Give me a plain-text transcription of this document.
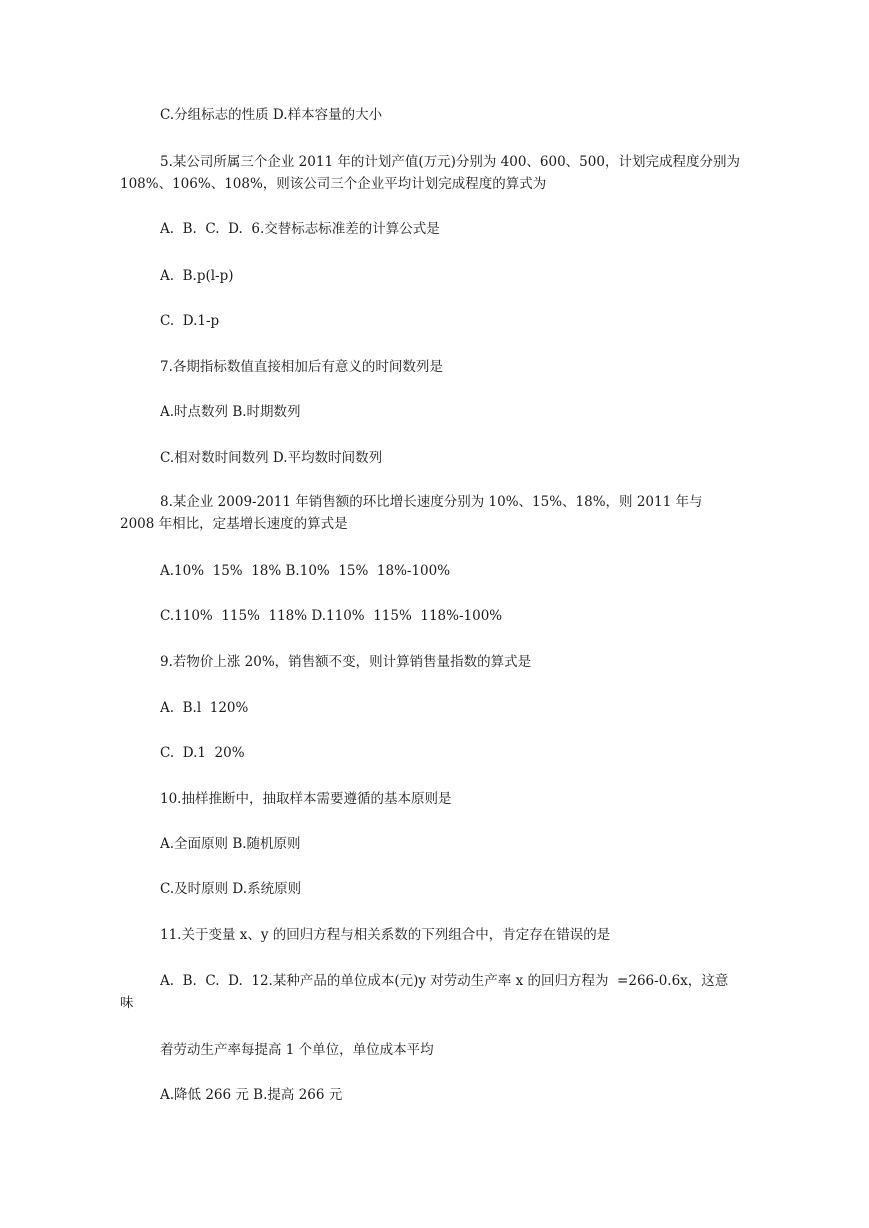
C.分组标志的性质 D.样本容量的大小

5.某公司所属三个企业 2011 年的计划产值(万元)分别为 400、600、500，计划完成程度分别为 108%、106%、108%，则该公司三个企业平均计划完成程度的算式为

A.  B.  C.  D.  6.交替标志标准差的计算公式是

A.  B.p(l-p)

C.  D.1-p

7.各期指标数值直接相加后有意义的时间数列是

A.时点数列 B.时期数列

C.相对数时间数列 D.平均数时间数列

8.某企业 2009-2011 年销售额的环比增长速度分别为 10%、15%、18%，则 2011 年与 2008 年相比，定基增长速度的算式是

A.10%  15%  18% B.10%  15%  18%-100%

C.110%  115%  118% D.110%  115%  118%-100%

9.若物价上涨 20%，销售额不变，则计算销售量指数的算式是

A.  B.l  120%

C.  D.1  20%

10.抽样推断中，抽取样本需要遵循的基本原则是

A.全面原则 B.随机原则

C.及时原则 D.系统原则

11.关于变量 x、y 的回归方程与相关系数的下列组合中，肯定存在错误的是

A.  B.  C.  D.  12.某种产品的单位成本(元)y 对劳动生产率 x 的回归方程为  =266-0.6x，这意味

着劳动生产率每提高 1 个单位，单位成本平均

A.降低 266 元 B.提高 266 元
